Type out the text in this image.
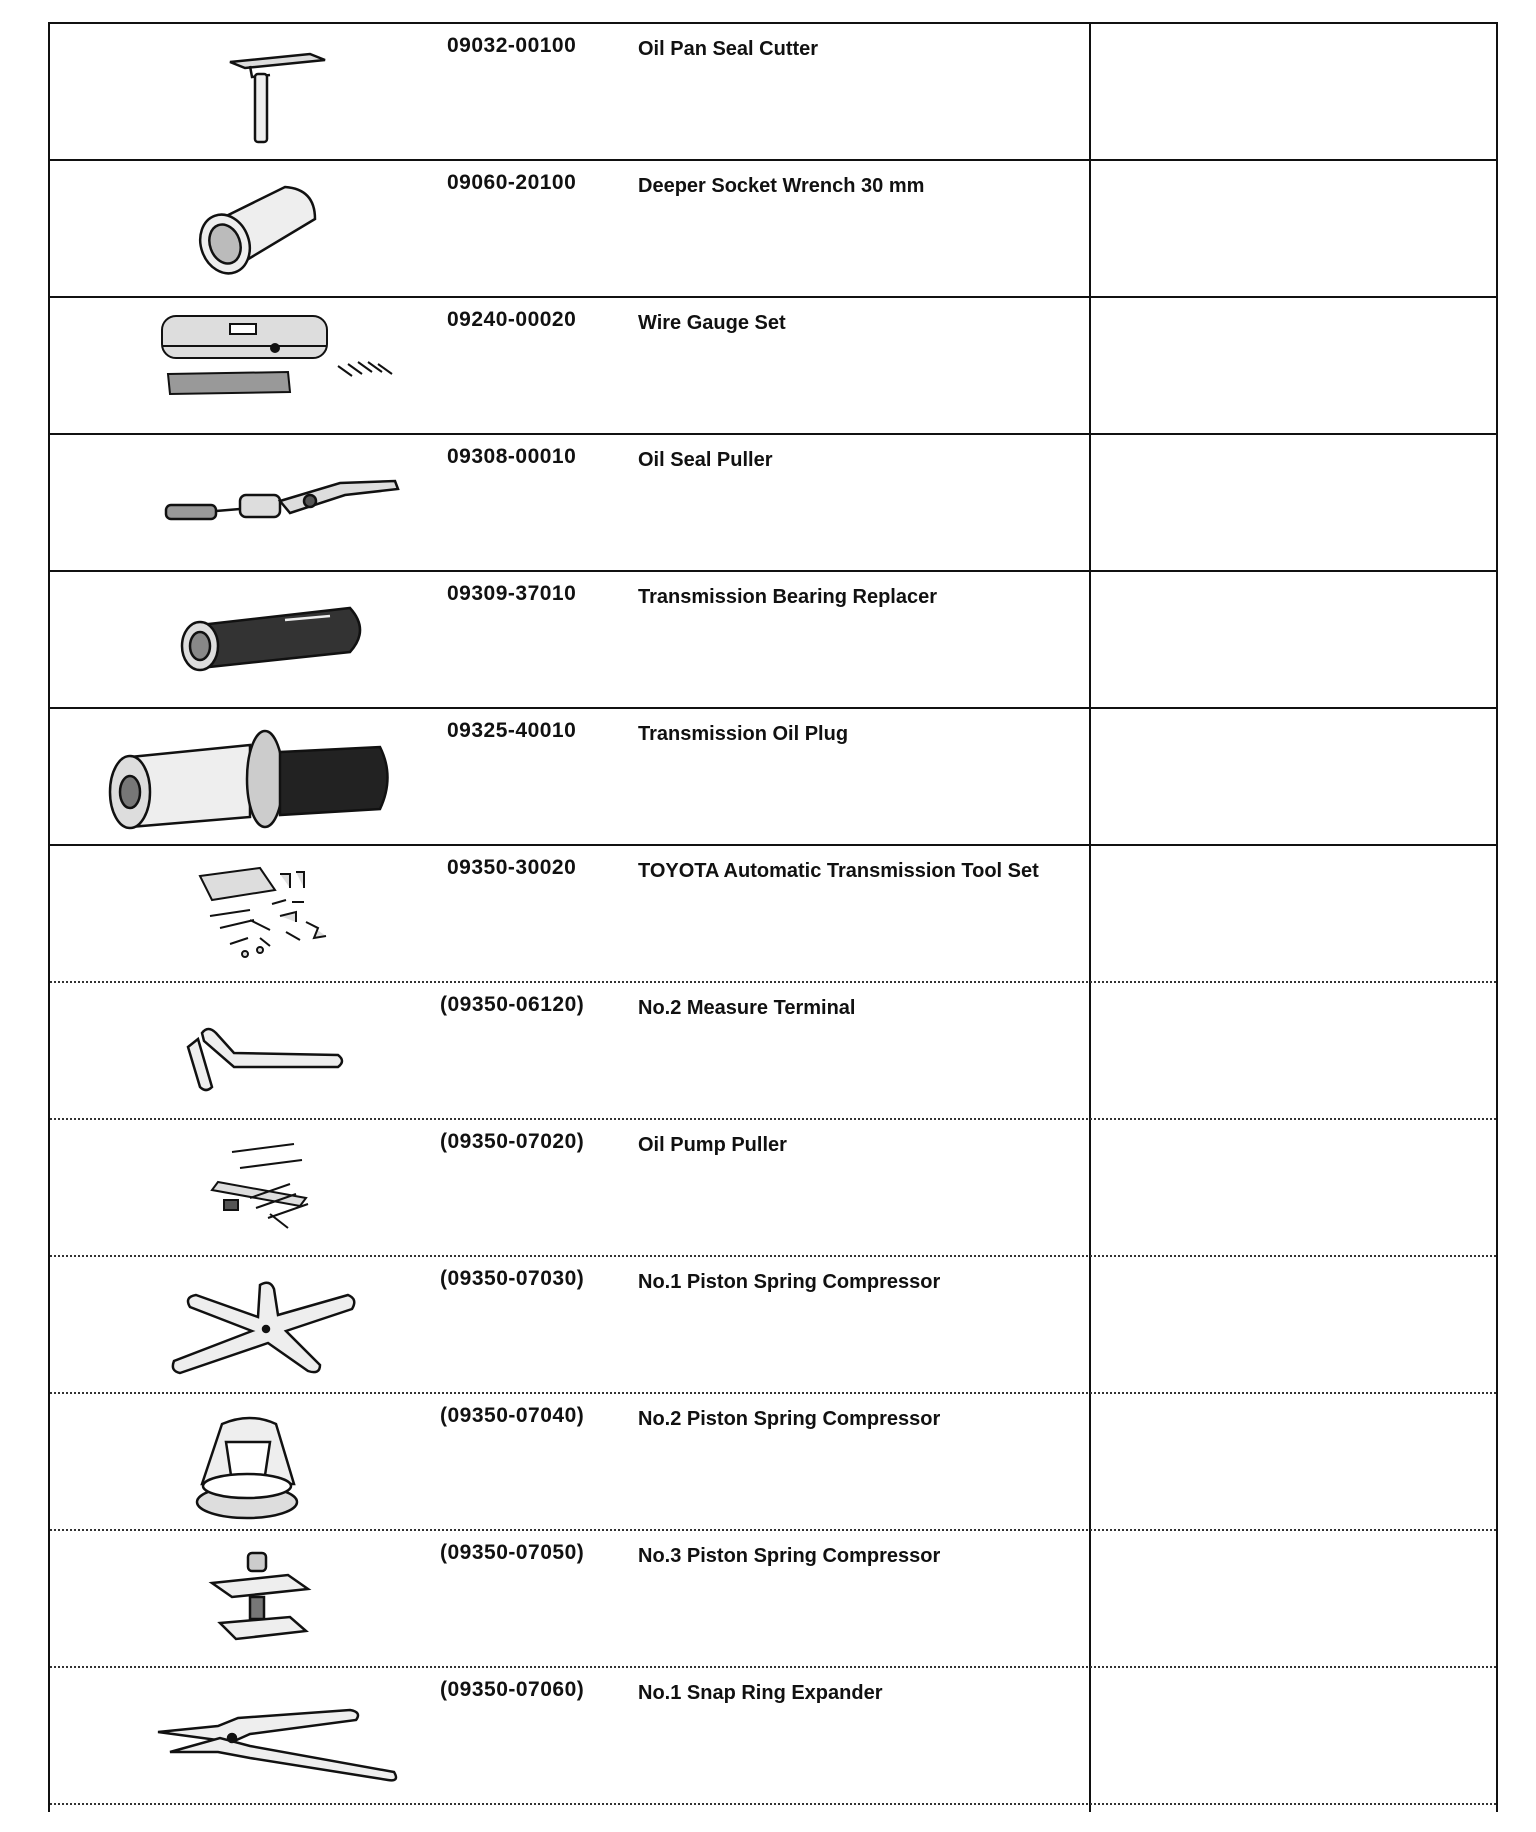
09032-00100	Oil Pan Seal Cutter
09060-20100	Deeper Socket Wrench 30 mm
09240-00020	Wire Gauge Set
09308-00010	Oil Seal Puller
09309-37010	Transmission Bearing Replacer
09325-40010	Transmission Oil Plug
09350-30020	TOYOTA Automatic Transmission Tool Set
(09350-06120)	No.2 Measure Terminal
(09350-07020)	Oil Pump Puller
(09350-07030)	No.1 Piston Spring Compressor
(09350-07040)	No.2 Piston Spring Compressor
(09350-07050)	No.3 Piston Spring Compressor
(09350-07060)	No.1 Snap Ring Expander
